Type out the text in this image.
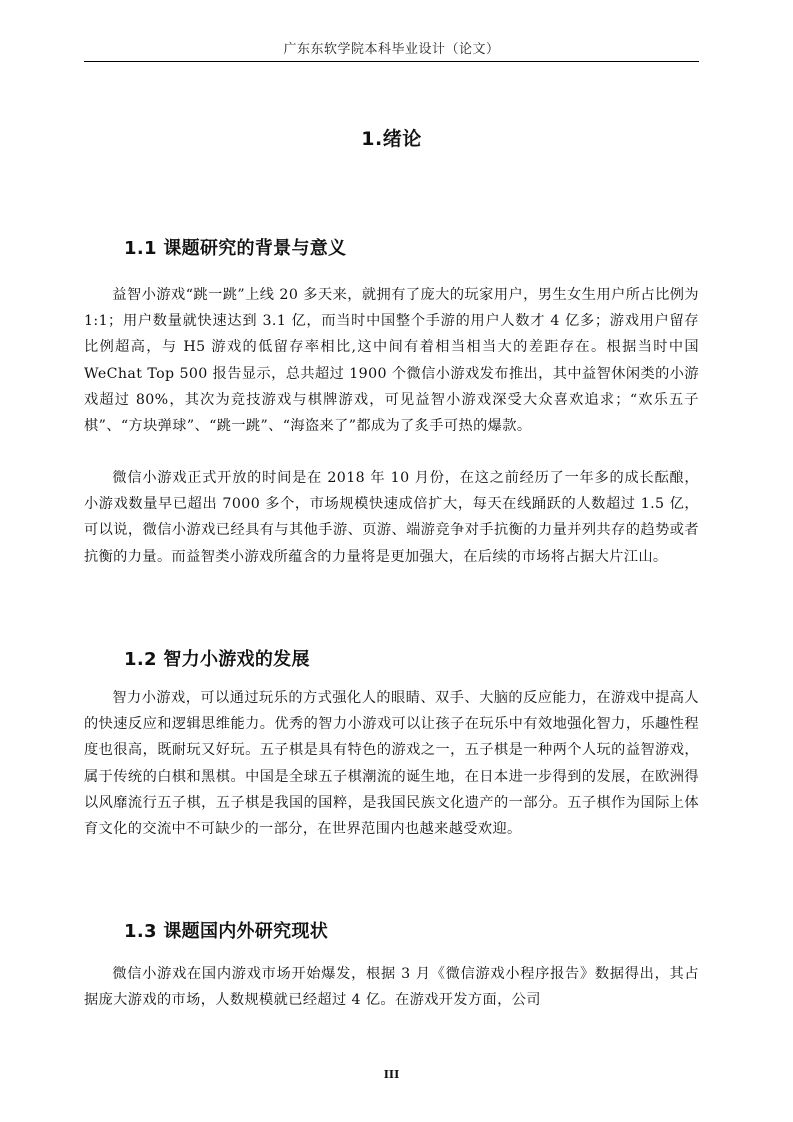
广东东软学院本科毕业设计（论文）
1.绪论
1.1 课题研究的背景与意义

益智小游戏“跳一跳”上线 20 多天来，就拥有了庞大的玩家用户，男生女生用户所占比例为 1:1；用户数量就快速达到 3.1 亿，而当时中国整个手游的用户人数才 4 亿多；游戏用户留存比例超高，与 H5 游戏的低留存率相比,这中间有着相当相当大的差距存在。根据当时中国 WeChat Top 500 报告显示，总共超过 1900 个微信小游戏发布推出，其中益智休闲类的小游戏超过 80%，其次为竞技游戏与棋牌游戏，可见益智小游戏深受大众喜欢追求；“欢乐五子棋”、“方块弹球”、“跳一跳”、“海盗来了”都成为了炙手可热的爆款。

微信小游戏正式开放的时间是在 2018 年 10 月份，在这之前经历了一年多的成长酝酿，小游戏数量早已超出 7000 多个，市场规模快速成倍扩大，每天在线踊跃的人数超过 1.5 亿，可以说，微信小游戏已经具有与其他手游、页游、端游竞争对手抗衡的力量并列共存的趋势或者抗衡的力量。而益智类小游戏所蕴含的力量将是更加强大，在后续的市场将占据大片江山。

1.2 智力小游戏的发展

智力小游戏，可以通过玩乐的方式强化人的眼睛、双手、大脑的反应能力，在游戏中提高人的快速反应和逻辑思维能力。优秀的智力小游戏可以让孩子在玩乐中有效地强化智力，乐趣性程度也很高，既耐玩又好玩。五子棋是具有特色的游戏之一，五子棋是一种两个人玩的益智游戏，属于传统的白棋和黑棋。中国是全球五子棋潮流的诞生地，在日本进一步得到的发展，在欧洲得以风靡流行五子棋，五子棋是我国的国粹，是我国民族文化遗产的一部分。五子棋作为国际上体育文化的交流中不可缺少的一部分，在世界范围内也越来越受欢迎。

1.3 课题国内外研究现状

微信小游戏在国内游戏市场开始爆发，根据 3 月《微信游戏小程序报告》数据得出，其占据庞大游戏的市场，人数规模就已经超过 4 亿。在游戏开发方面，公司

III
